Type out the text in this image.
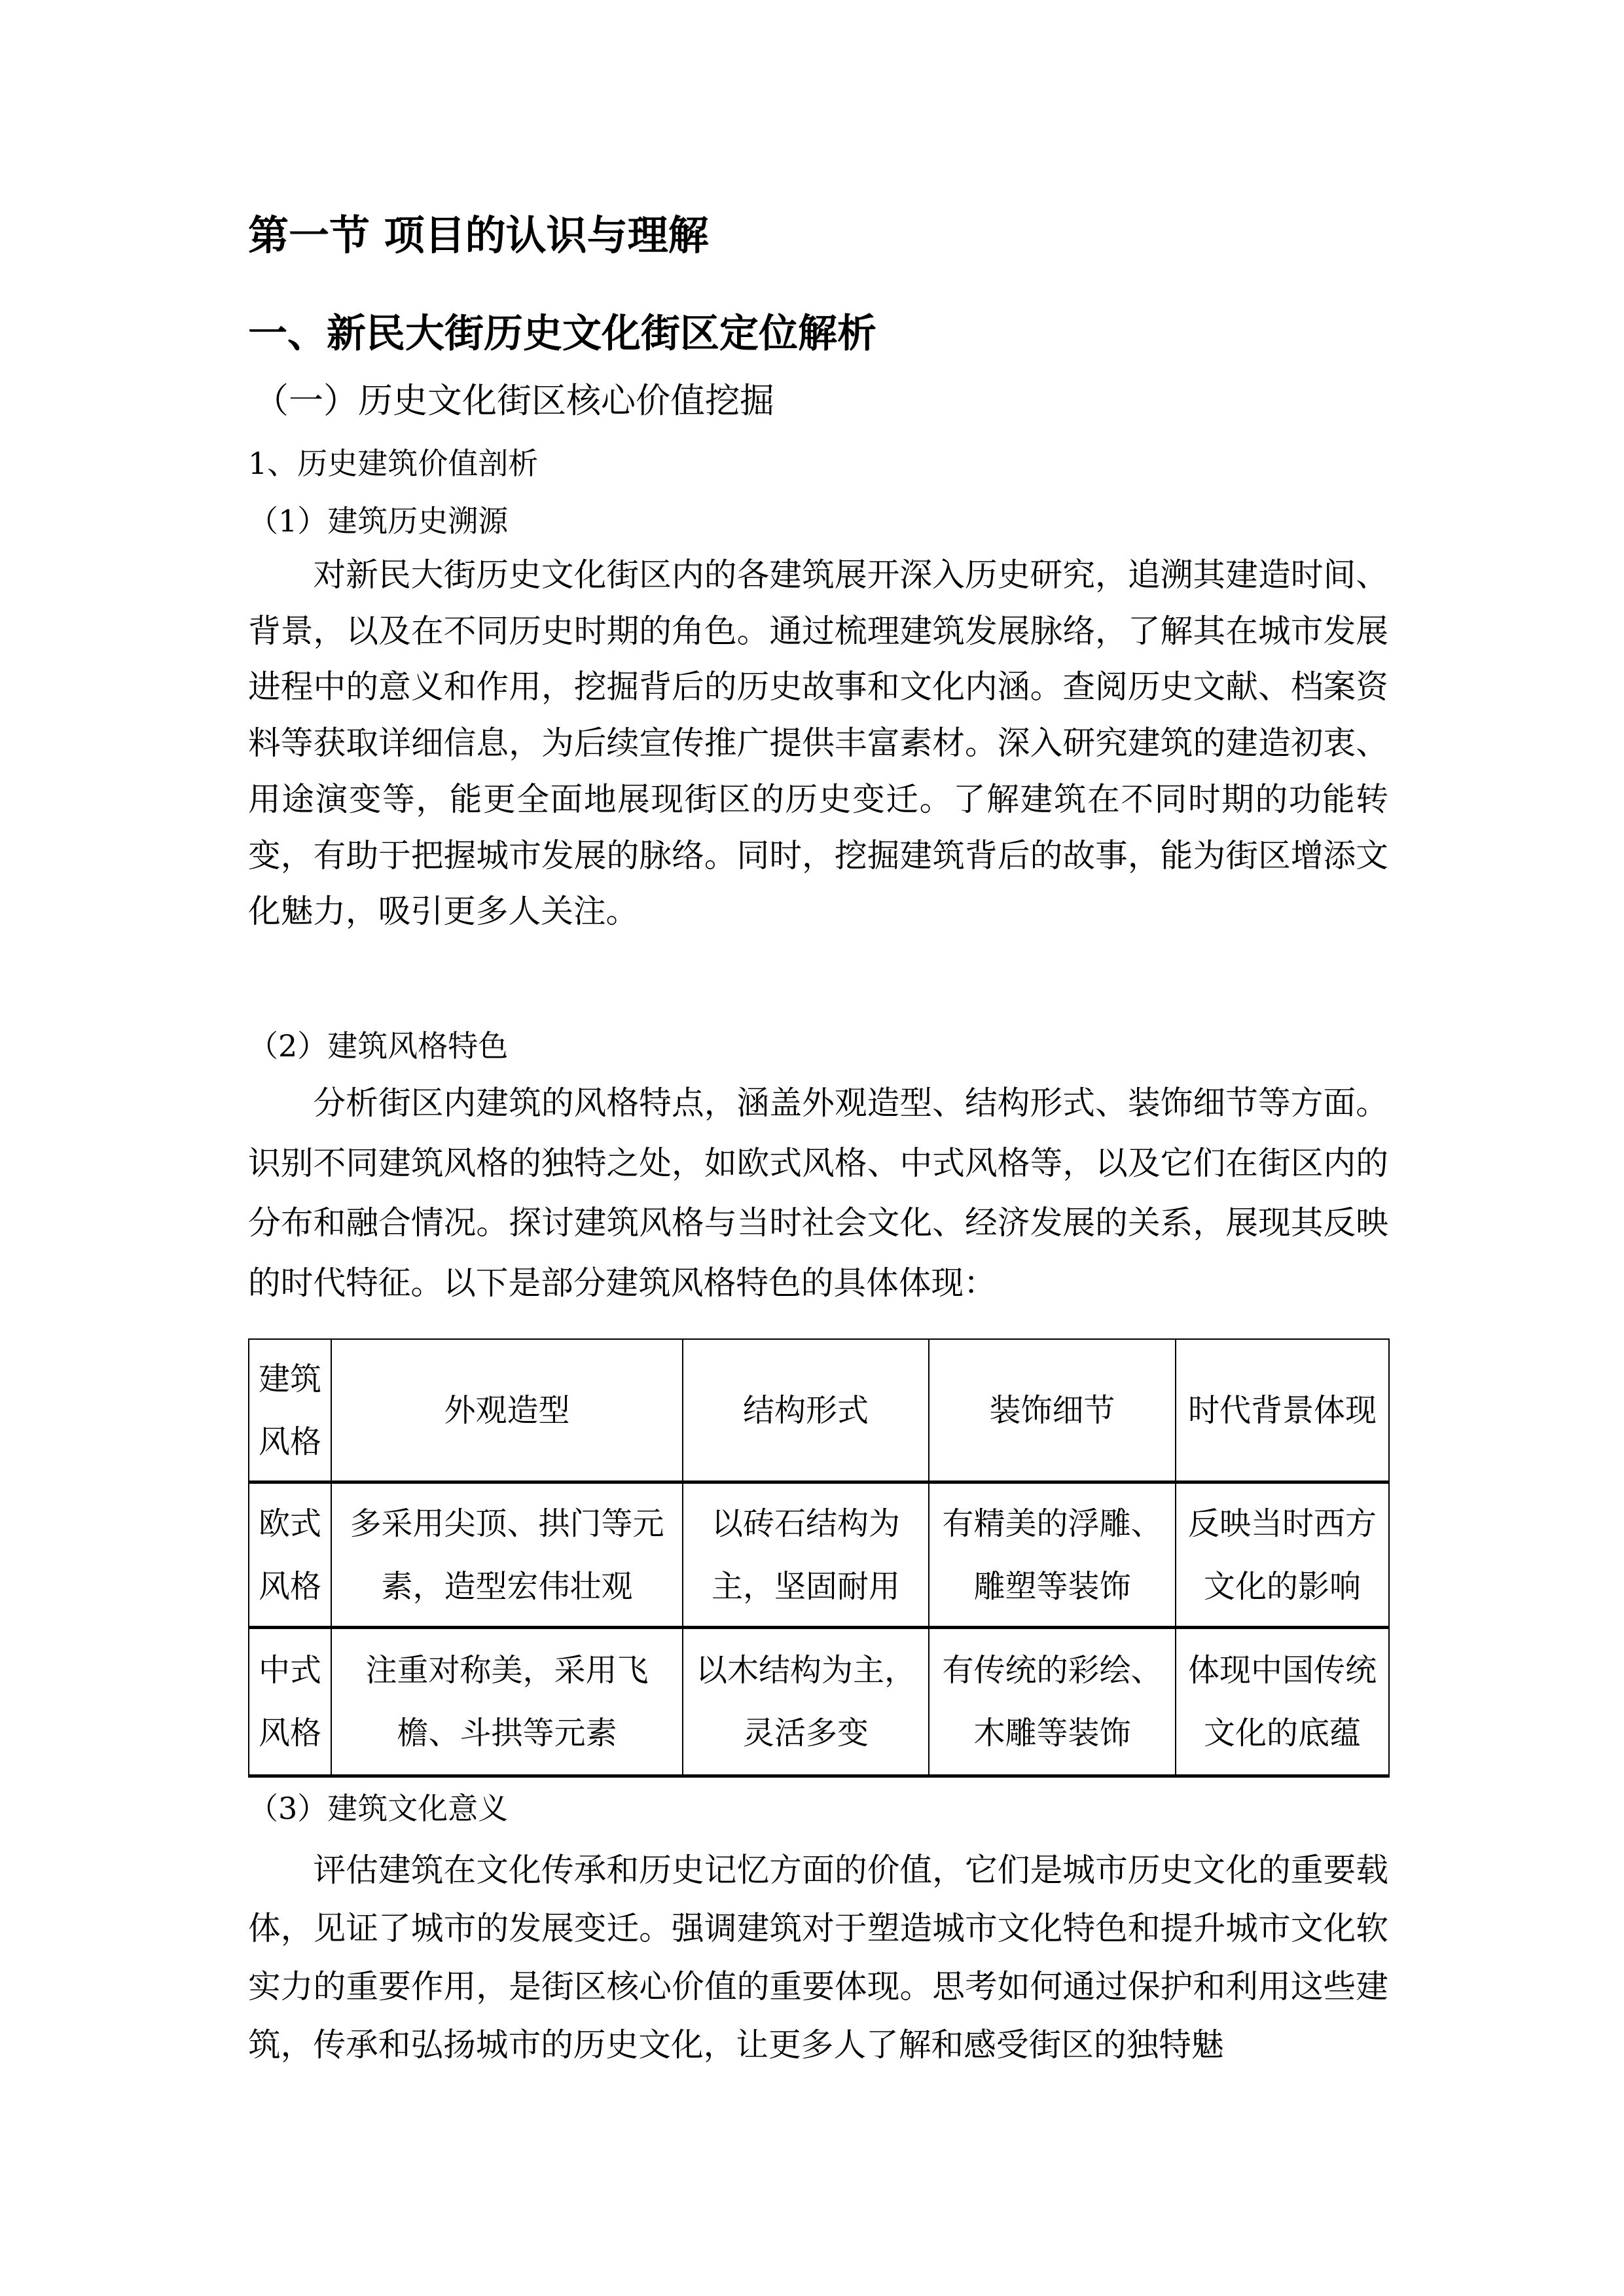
第一节 项目的认识与理解
一、新民大街历史文化街区定位解析
（一）历史文化街区核心价值挖掘
1、历史建筑价值剖析
（1）建筑历史溯源

对新民大街历史文化街区内的各建筑展开深入历史研究，追溯其建造时间、背景，以及在不同历史时期的角色。通过梳理建筑发展脉络，了解其在城市发展进程中的意义和作用，挖掘背后的历史故事和文化内涵。查阅历史文献、档案资料等获取详细信息，为后续宣传推广提供丰富素材。深入研究建筑的建造初衷、用途演变等，能更全面地展现街区的历史变迁。了解建筑在不同时期的功能转变，有助于把握城市发展的脉络。同时，挖掘建筑背后的故事，能为街区增添文化魅力，吸引更多人关注。

（2）建筑风格特色

分析街区内建筑的风格特点，涵盖外观造型、结构形式、装饰细节等方面。识别不同建筑风格的独特之处，如欧式风格、中式风格等，以及它们在街区内的分布和融合情况。探讨建筑风格与当时社会文化、经济发展的关系，展现其反映的时代特征。以下是部分建筑风格特色的具体体现：

建筑风格	外观造型	结构形式	装饰细节	时代背景体现
欧式风格	多采用尖顶、拱门等元素，造型宏伟壮观	以砖石结构为主，坚固耐用	有精美的浮雕、雕塑等装饰	反映当时西方文化的影响
中式风格	注重对称美，采用飞檐、斗拱等元素	以木结构为主，灵活多变	有传统的彩绘、木雕等装饰	体现中国传统文化的底蕴
（3）建筑文化意义

评估建筑在文化传承和历史记忆方面的价值，它们是城市历史文化的重要载体，见证了城市的发展变迁。强调建筑对于塑造城市文化特色和提升城市文化软实力的重要作用，是街区核心价值的重要体现。思考如何通过保护和利用这些建筑，传承和弘扬城市的历史文化，让更多人了解和感受街区的独特魅
